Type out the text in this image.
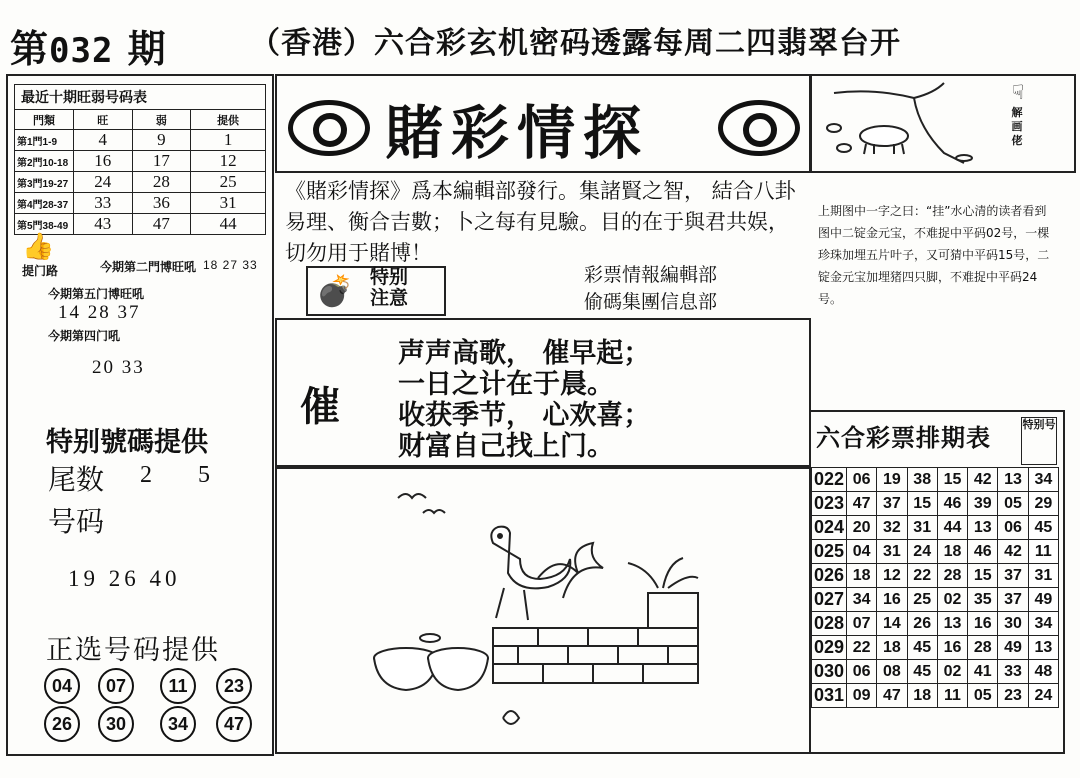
第032 期	（香港）六合彩玄机密码透露每周二四翡翠台开
最近十期旺弱号码表
門類	旺	弱	提供
第1門1-9	4	9	1
第2門10-18	16	17	12
第3門19-27	24	28	25
第4門28-37	33	36	31
第5門38-49	43	47	44
👍
提门路	今期第二門博旺吼 18 27 33
今期第五门博旺吼
14 28 37
今期第四门吼
20 33
特别號碼提供
尾数 2 5
号码
19 26 40
正选号码提供
04	07	11	23
26	30	34	47
賭彩情探
《賭彩情探》爲本編輯部發行。集諸賢之智， 結合八卦易理、衡合吉數；卜之每有見驗。目的在于與君共娱，切勿用于賭博！
💣 特别
注意
彩票情報編輯部
偷碼集團信息部
催
声声高歌， 催早起；
一日之计在于晨。
收获季节， 心欢喜；
财富自己找上门。
☟
解画佬
上期图中一字之曰：“挂”水心清的读者看到图中二锭金元宝，不难捉中平码02号，一棵珍珠加埋五片叶子，又可猜中平码15号，二锭金元宝加埋猪四只脚，不难捉中平码24号。
六合彩票排期表	特别号
022	06	19	38	15	42	13	34
023	47	37	15	46	39	05	29
024	20	32	31	44	13	06	45
025	04	31	24	18	46	42	11
026	18	12	22	28	15	37	31
027	34	16	25	02	35	37	49
028	07	14	26	13	16	30	34
029	22	18	45	16	28	49	13
030	06	08	45	02	41	33	48
031	09	47	18	11	05	23	24
